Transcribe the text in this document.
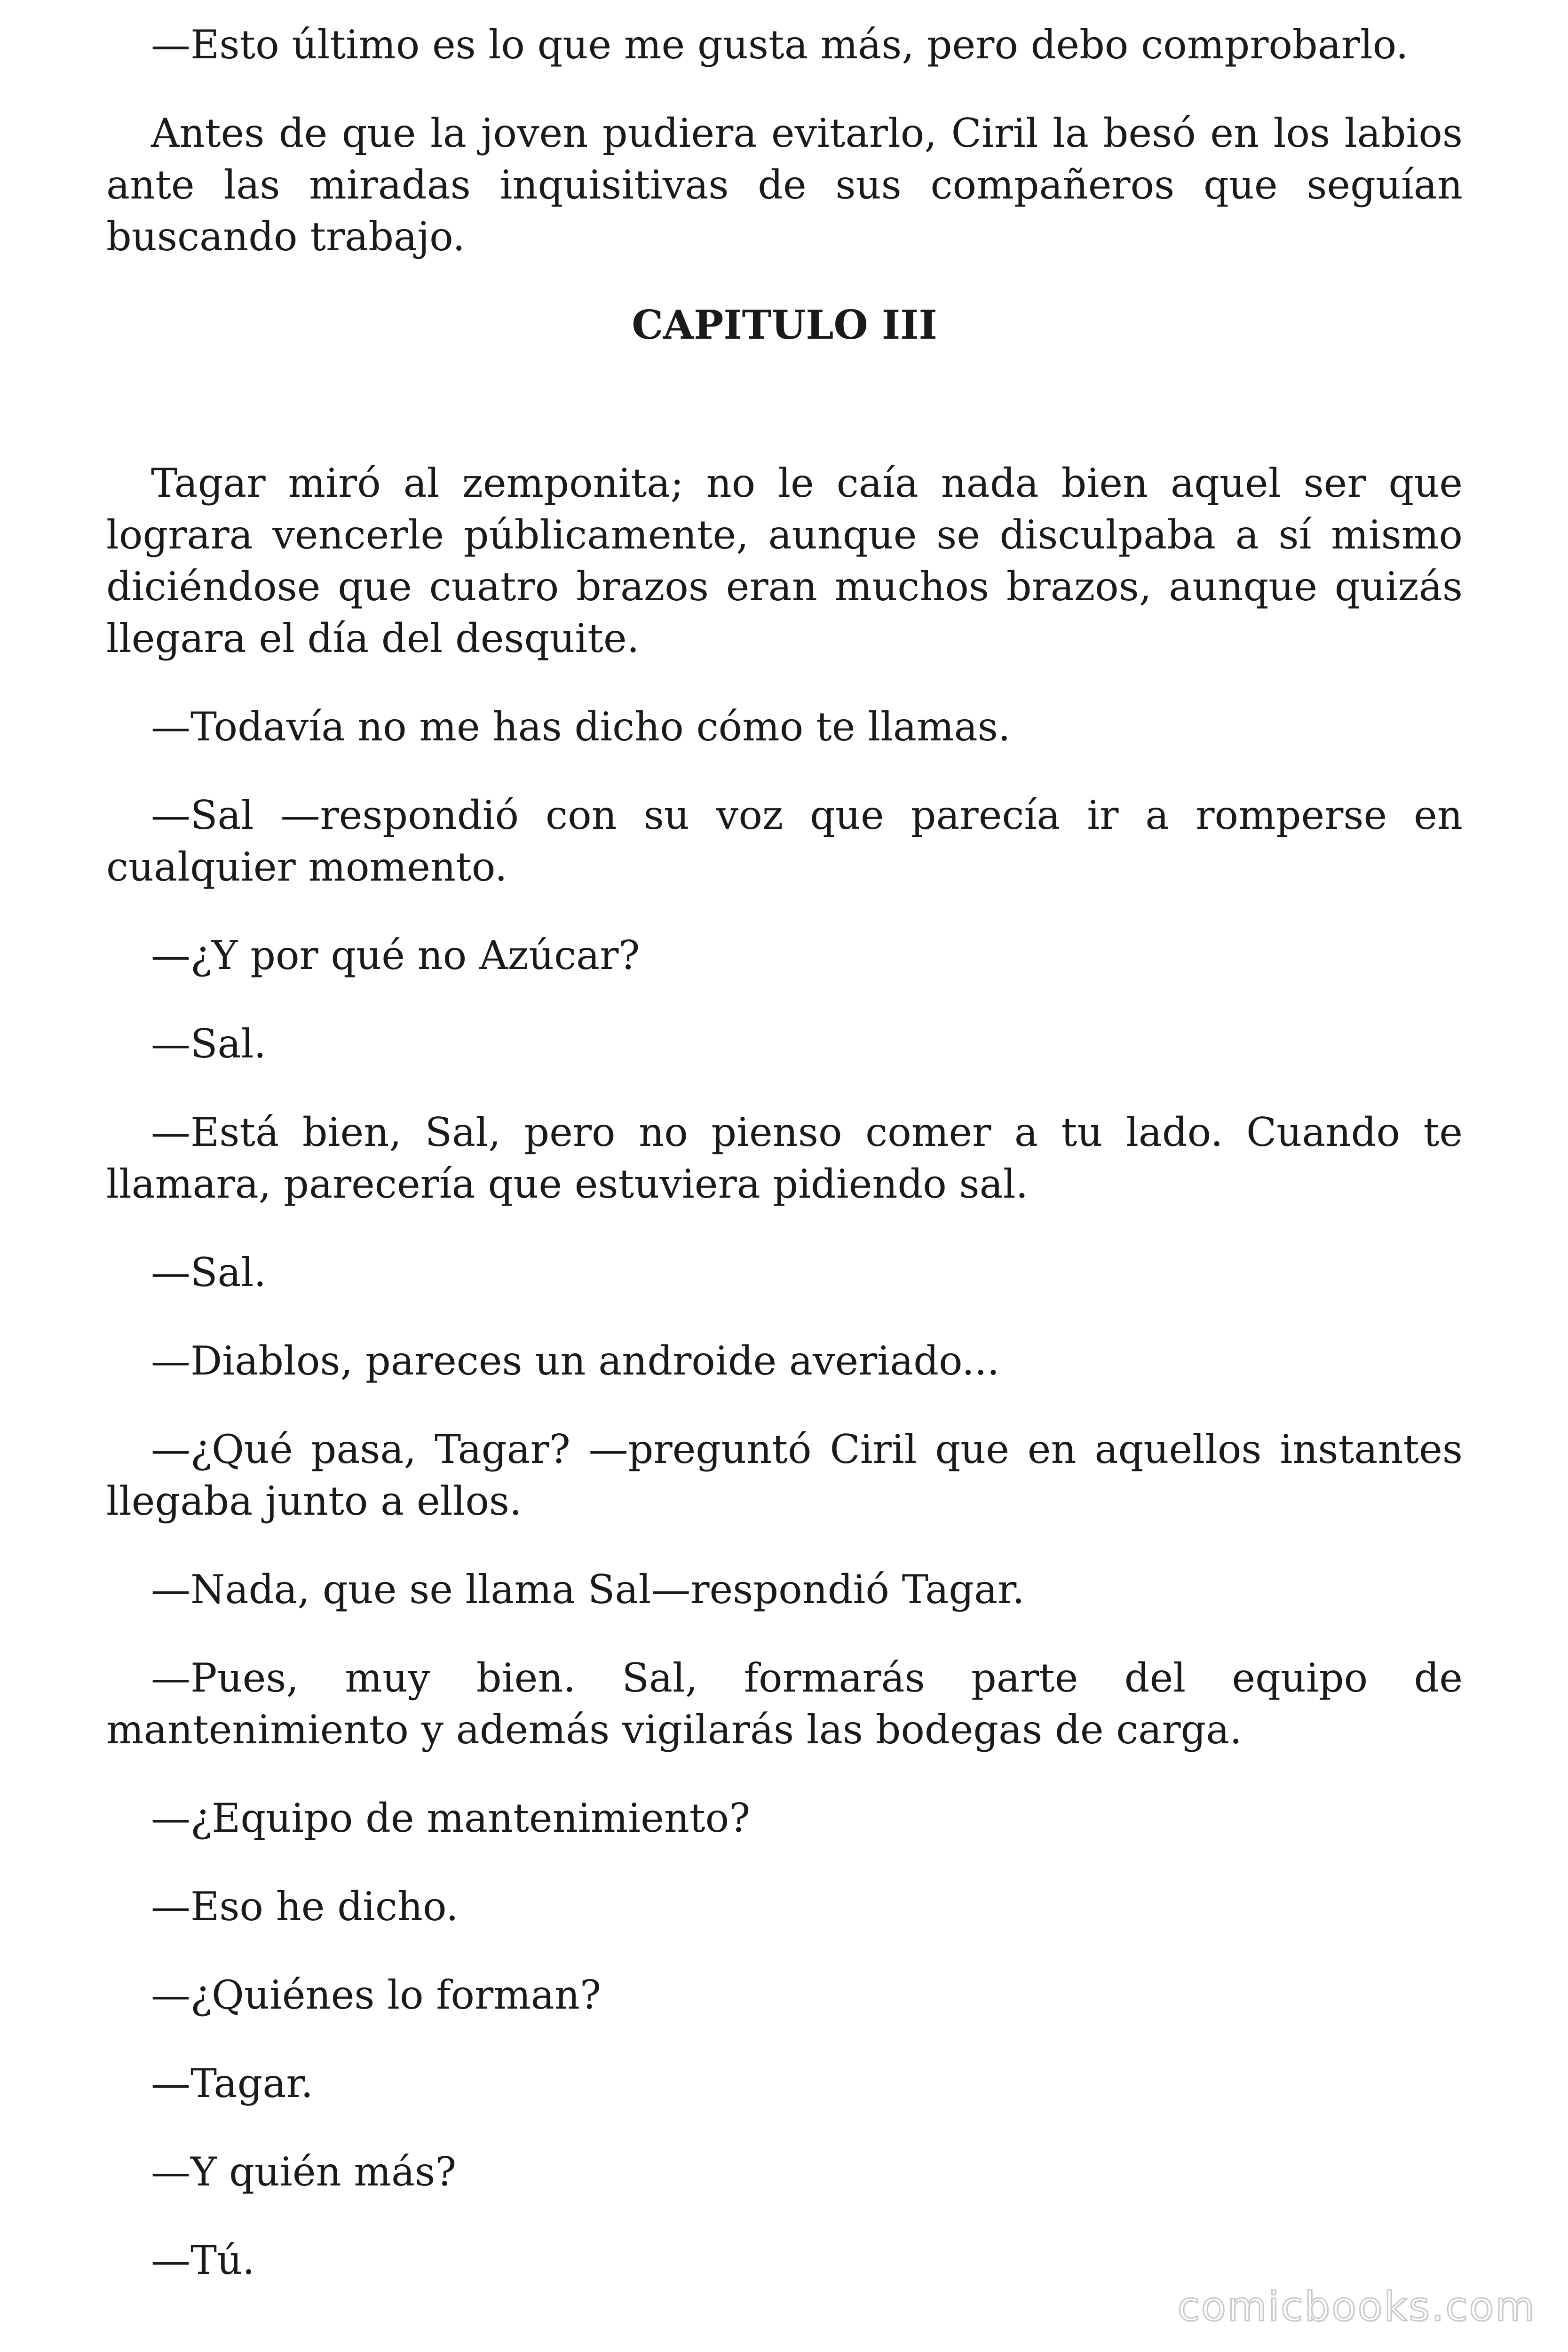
—Esto último es lo que me gusta más, pero debo comprobarlo.

Antes de que la joven pudiera evitarlo, Ciril la besó en los labios ante las miradas inquisitivas de sus compañeros que seguían buscando trabajo.

CAPITULO III

Tagar miró al zemponita; no le caía nada bien aquel ser que lograra vencerle públicamente, aunque se disculpaba a sí mismo diciéndose que cuatro brazos eran muchos brazos, aunque quizás llegara el día del desquite.

—Todavía no me has dicho cómo te llamas.

—Sal —respondió con su voz que parecía ir a romperse en cualquier momento.

—¿Y por qué no Azúcar?

—Sal.

—Está bien, Sal, pero no pienso comer a tu lado. Cuando te llamara, parecería que estuviera pidiendo sal.

—Sal.

—Diablos, pareces un androide averiado...

—¿Qué pasa, Tagar? —preguntó Ciril que en aquellos instantes llegaba junto a ellos.

—Nada, que se llama Sal—respondió Tagar.

—Pues, muy bien. Sal, formarás parte del equipo de mantenimiento y además vigilarás las bodegas de carga.

—¿Equipo de mantenimiento?

—Eso he dicho.

—¿Quiénes lo forman?

—Tagar.

—Y quién más?

—Tú.

comicbooks.com
